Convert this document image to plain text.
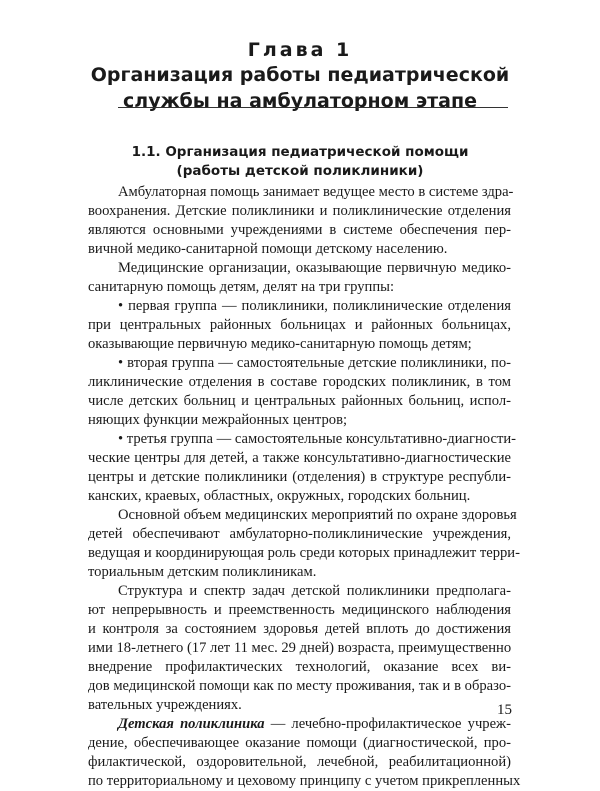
Глава 1
Организация работы педиатрической
службы на амбулаторном этапе
1.1. Организация педиатрической помощи
(работы детской поликлиники)
Амбулаторная помощь занимает ведущее место в системе здра-
воохранения. Детские поликлиники и поликлинические отделения
являются основными учреждениями в системе обеспечения пер-
вичной медико-санитарной помощи детскому населению.
Медицинские организации, оказывающие первичную медико-
санитарную помощь детям, делят на три группы:
• первая группа — поликлиники, поликлинические отделения
при центральных районных больницах и районных больницах,
оказывающие первичную медико-санитарную помощь детям;
• вторая группа — самостоятельные детские поликлиники, по-
ликлинические отделения в составе городских поликлиник, в том
числе детских больниц и центральных районных больниц, испол-
няющих функции межрайонных центров;
• третья группа — самостоятельные консультативно-диагности-
ческие центры для детей, а также консультативно-диагностические
центры и детские поликлиники (отделения) в структуре республи-
канских, краевых, областных, окружных, городских больниц.
Основной объем медицинских мероприятий по охране здоровья
детей обеспечивают амбулаторно-поликлинические учреждения,
ведущая и координирующая роль среди которых принадлежит терри-
ториальным детским поликлиникам.
Структура и спектр задач детской поликлиники предполага-
ют непрерывность и преемственность медицинского наблюдения
и контроля за состоянием здоровья детей вплоть до достижения
ими 18-летнего (17 лет 11 мес. 29 дней) возраста, преимущественно
внедрение профилактических технологий, оказание всех ви-
дов медицинской помощи как по месту проживания, так и в образо-
вательных учреждениях.
Детская поликлиника — лечебно-профилактическое учреж-
дение, обеспечивающее оказание помощи (диагностической, про-
филактической, оздоровительной, лечебной, реабилитационной)
по территориальному и цеховому принципу с учетом прикрепленных
15
